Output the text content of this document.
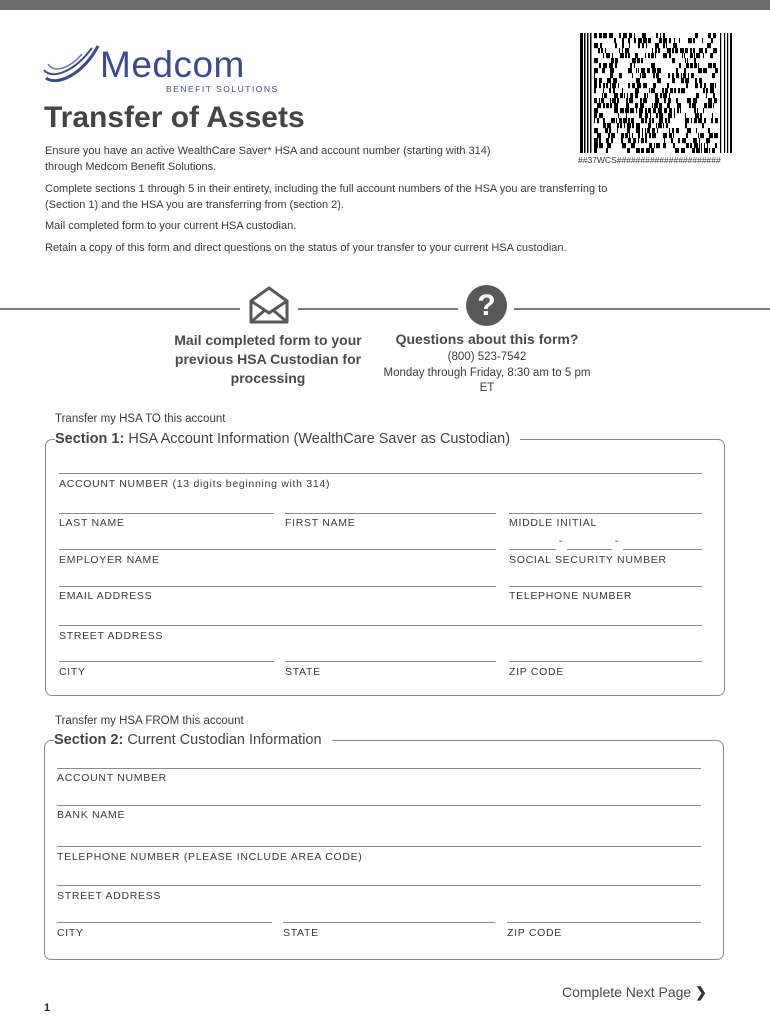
Medcom
BENEFIT SOLUTIONS
##37WCS######################
Transfer of Assets

Ensure you have an active WealthCare Saver* HSA and account number (starting with 314) through Medcom Benefit Solutions.

Complete sections 1 through 5 in their entirety, including the full account numbers of the HSA you are transferring to (Section 1) and the HSA you are transferring from (section 2).

Mail completed form to your current HSA custodian.

Retain a copy of this form and direct questions on the status of your transfer to your current HSA custodian.

?
Mail completed form to your previous HSA Custodian for processing
Questions about this form?
(800) 523-7542
Monday through Friday, 8:30 am to 5 pm ET
Transfer my HSA TO this account
Section 1: HSA Account Information (WealthCare Saver as Custodian)
ACCOUNT NUMBER (13 digits beginning with 314)
LAST NAME	FIRST NAME	MIDDLE INITIAL
-	-
EMPLOYER NAME	SOCIAL SECURITY NUMBER
EMAIL ADDRESS	TELEPHONE NUMBER
STREET ADDRESS
CITY	STATE	ZIP CODE
Transfer my HSA FROM this account
Section 2: Current Custodian Information
ACCOUNT NUMBER
BANK NAME
TELEPHONE NUMBER (PLEASE INCLUDE AREA CODE)
STREET ADDRESS
CITY	STATE	ZIP CODE
1
Complete Next Page ❯
